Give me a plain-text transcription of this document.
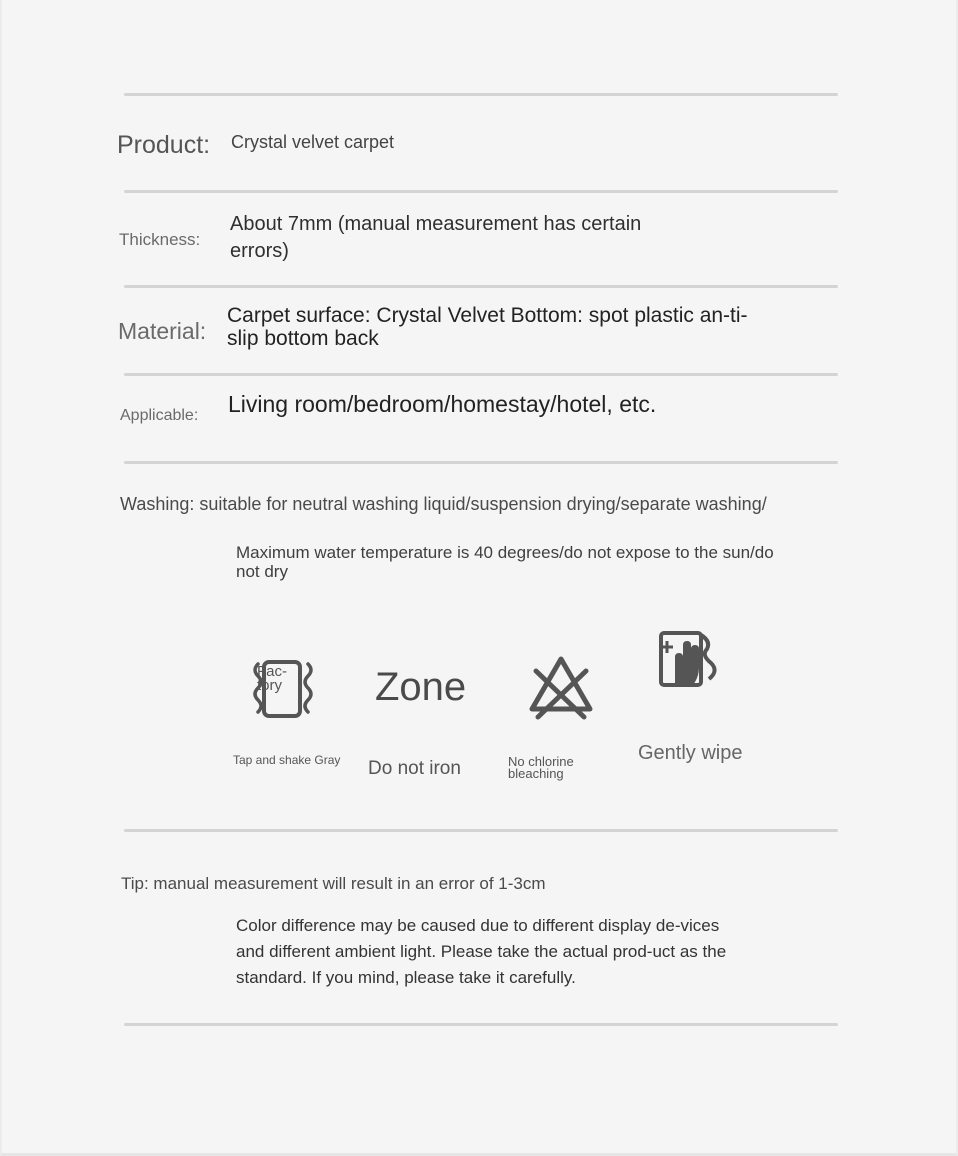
Product: Crystal velvet carpet
Thickness:
About 7mm (manual measurement has certain errors)
Material:
Carpet surface: Crystal Velvet Bottom: spot plastic an-ti-slip bottom back
Applicable: Living room/bedroom/homestay/hotel, etc.
Washing: suitable for neutral washing liquid/suspension drying/separate washing/
Maximum water temperature is 40 degrees/do not expose to the sun/do not dry
Fac-tory	Zone
Tap and shake Gray Do not iron	No chlorine bleaching
Gently wipe
Tip: manual measurement will result in an error of 1-3cm
Color difference may be caused due to different display de-vices and different ambient light. Please take the actual prod-uct as the standard. If you mind, please take it carefully.
